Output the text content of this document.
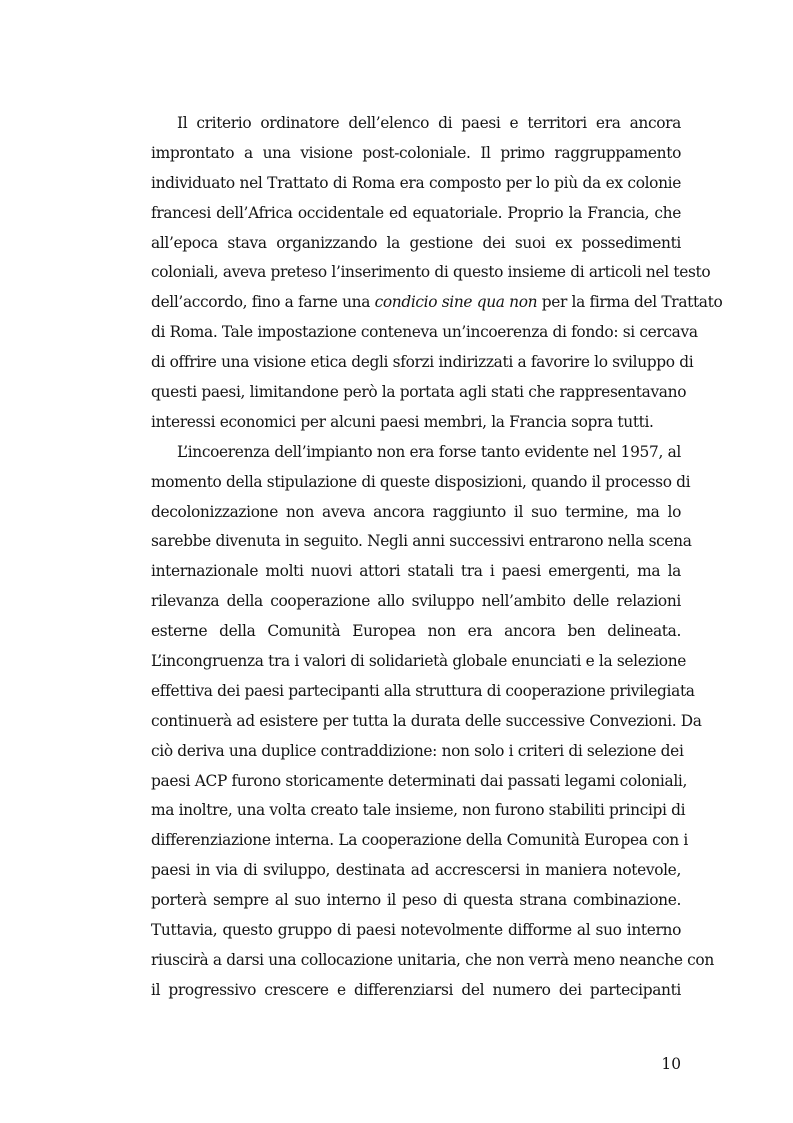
Il criterio ordinatore dell’elenco di paesi e territori era ancora
improntato a una visione post-coloniale. Il primo raggruppamento
individuato nel Trattato di Roma era composto per lo più da ex colonie
francesi dell’Africa occidentale ed equatoriale. Proprio la Francia, che
all’epoca stava organizzando la gestione dei suoi ex possedimenti
coloniali, aveva preteso l’inserimento di questo insieme di articoli nel testo
dell’accordo, fino a farne una condicio sine qua non per la firma del Trattato
di Roma. Tale impostazione conteneva un’incoerenza di fondo: si cercava
di offrire una visione etica degli sforzi indirizzati a favorire lo sviluppo di
questi paesi, limitandone però la portata agli stati che rappresentavano
interessi economici per alcuni paesi membri, la Francia sopra tutti.
L’incoerenza dell’impianto non era forse tanto evidente nel 1957, al
momento della stipulazione di queste disposizioni, quando il processo di
decolonizzazione non aveva ancora raggiunto il suo termine, ma lo
sarebbe divenuta in seguito. Negli anni successivi entrarono nella scena
internazionale molti nuovi attori statali tra i paesi emergenti, ma la
rilevanza della cooperazione allo sviluppo nell’ambito delle relazioni
esterne della Comunità Europea non era ancora ben delineata.
L’incongruenza tra i valori di solidarietà globale enunciati e la selezione
effettiva dei paesi partecipanti alla struttura di cooperazione privilegiata
continuerà ad esistere per tutta la durata delle successive Convezioni. Da
ciò deriva una duplice contraddizione: non solo i criteri di selezione dei
paesi ACP furono storicamente determinati dai passati legami coloniali,
ma inoltre, una volta creato tale insieme, non furono stabiliti principi di
differenziazione interna. La cooperazione della Comunità Europea con i
paesi in via di sviluppo, destinata ad accrescersi in maniera notevole,
porterà sempre al suo interno il peso di questa strana combinazione.
Tuttavia, questo gruppo di paesi notevolmente difforme al suo interno
riuscirà a darsi una collocazione unitaria, che non verrà meno neanche con
il progressivo crescere e differenziarsi del numero dei partecipanti
10
